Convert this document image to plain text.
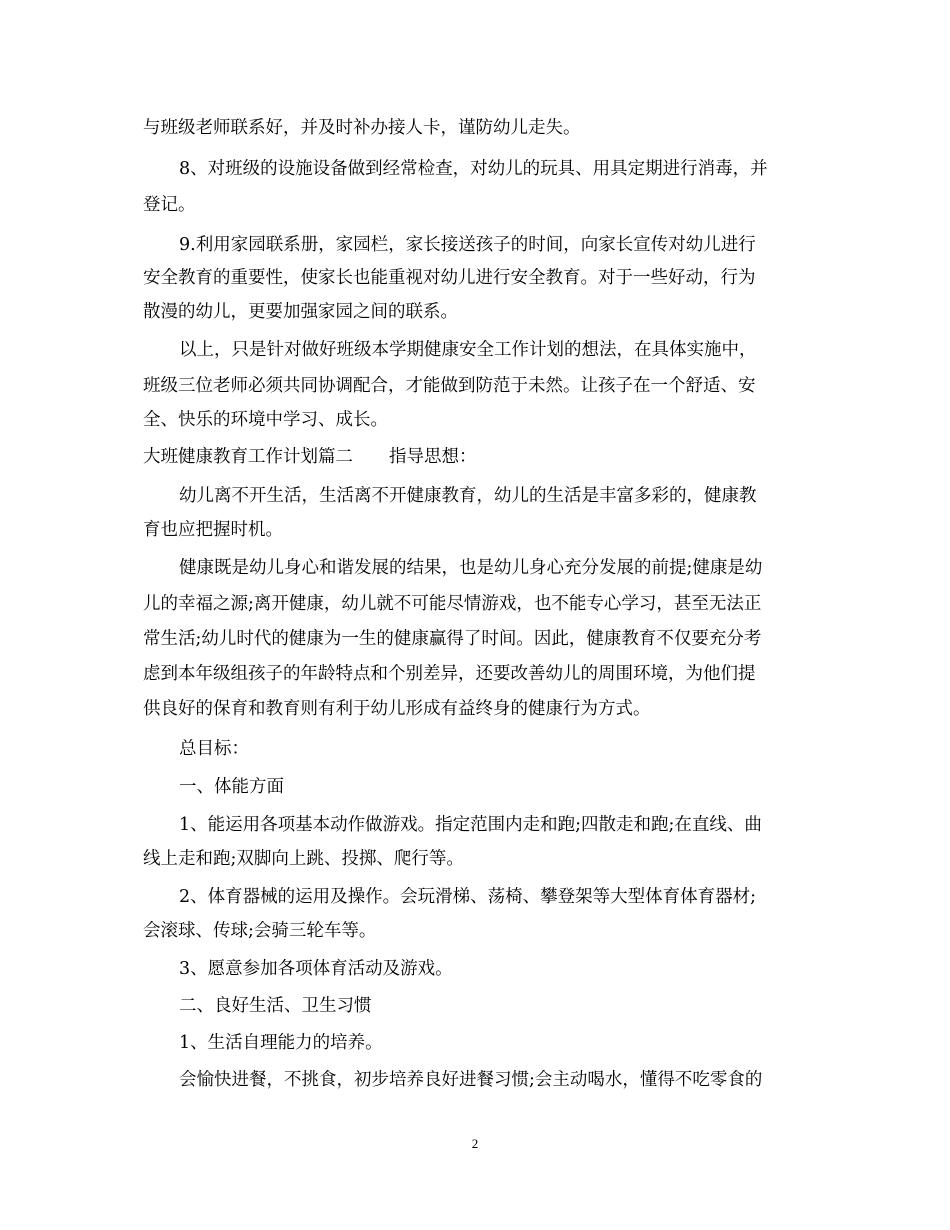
与班级老师联系好，并及时补办接人卡，谨防幼儿走失。
8、对班级的设施设备做到经常检查，对幼儿的玩具、用具定期进行消毒，并
登记。
9.利用家园联系册，家园栏，家长接送孩子的时间，向家长宣传对幼儿进行
安全教育的重要性，使家长也能重视对幼儿进行安全教育。对于一些好动，行为
散漫的幼儿，更要加强家园之间的联系。
以上，只是针对做好班级本学期健康安全工作计划的想法，在具体实施中，
班级三位老师必须共同协调配合，才能做到防范于未然。让孩子在一个舒适、安
全、快乐的环境中学习、成长。
大班健康教育工作计划篇二 指导思想：
幼儿离不开生活，生活离不开健康教育，幼儿的生活是丰富多彩的，健康教
育也应把握时机。
健康既是幼儿身心和谐发展的结果，也是幼儿身心充分发展的前提;健康是幼
儿的幸福之源;离开健康，幼儿就不可能尽情游戏，也不能专心学习，甚至无法正
常生活;幼儿时代的健康为一生的健康赢得了时间。因此，健康教育不仅要充分考
虑到本年级组孩子的年龄特点和个别差异，还要改善幼儿的周围环境，为他们提
供良好的保育和教育则有利于幼儿形成有益终身的健康行为方式。
总目标：
一、体能方面
1、能运用各项基本动作做游戏。指定范围内走和跑;四散走和跑;在直线、曲
线上走和跑;双脚向上跳、投掷、爬行等。
2、体育器械的运用及操作。会玩滑梯、荡椅、攀登架等大型体育体育器材;
会滚球、传球;会骑三轮车等。
3、愿意参加各项体育活动及游戏。
二、良好生活、卫生习惯
1、生活自理能力的培养。
会愉快进餐，不挑食，初步培养良好进餐习惯;会主动喝水，懂得不吃零食的
2
